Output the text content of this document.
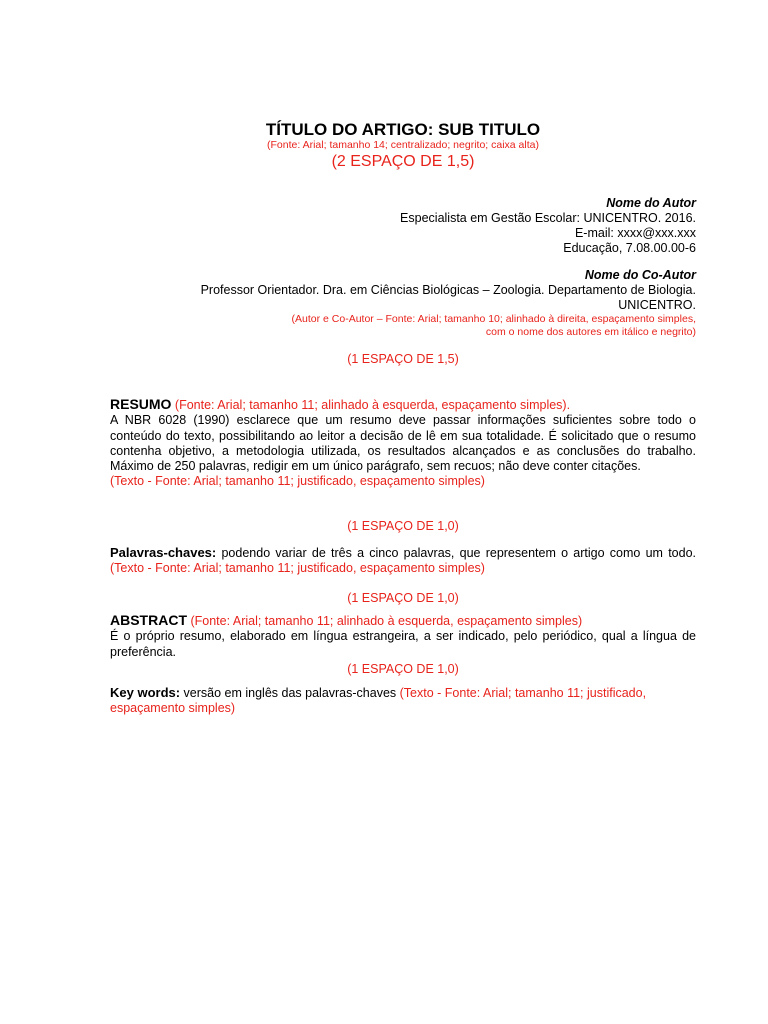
TÍTULO DO ARTIGO: SUB TITULO
(Fonte: Arial; tamanho 14; centralizado; negrito; caixa alta)
(2 ESPAÇO DE 1,5)
Nome do Autor
Especialista em Gestão Escolar: UNICENTRO. 2016.
E-mail: xxxx@xxx.xxx
Educação, 7.08.00.00-6
Nome do Co-Autor
Professor Orientador. Dra. em Ciências Biológicas – Zoologia. Departamento de Biologia.
UNICENTRO.
(Autor e Co-Autor – Fonte: Arial; tamanho 10; alinhado à direita, espaçamento simples,
com o nome dos autores em itálico e negrito)
(1 ESPAÇO DE 1,5)
RESUMO (Fonte: Arial; tamanho 11; alinhado à esquerda, espaçamento simples).
A NBR 6028 (1990) esclarece que um resumo deve passar informações suficientes sobre todo o conteúdo do texto, possibilitando ao leitor a decisão de lê em sua totalidade. É solicitado que o resumo contenha objetivo, a metodologia utilizada, os resultados alcançados e as conclusões do trabalho. Máximo de 250 palavras, redigir em um único parágrafo, sem recuos; não deve conter citações.
(Texto - Fonte: Arial; tamanho 11; justificado, espaçamento simples)
(1 ESPAÇO DE 1,0)
Palavras-chaves: podendo variar de três a cinco palavras, que representem o artigo como um todo. (Texto - Fonte: Arial; tamanho 11; justificado, espaçamento simples)
(1 ESPAÇO DE 1,0)
ABSTRACT (Fonte: Arial; tamanho 11; alinhado à esquerda, espaçamento simples)
É o próprio resumo, elaborado em língua estrangeira, a ser indicado, pelo periódico, qual a língua de preferência.
(1 ESPAÇO DE 1,0)
Key words: versão em inglês das palavras-chaves (Texto - Fonte: Arial; tamanho 11; justificado, espaçamento simples)
